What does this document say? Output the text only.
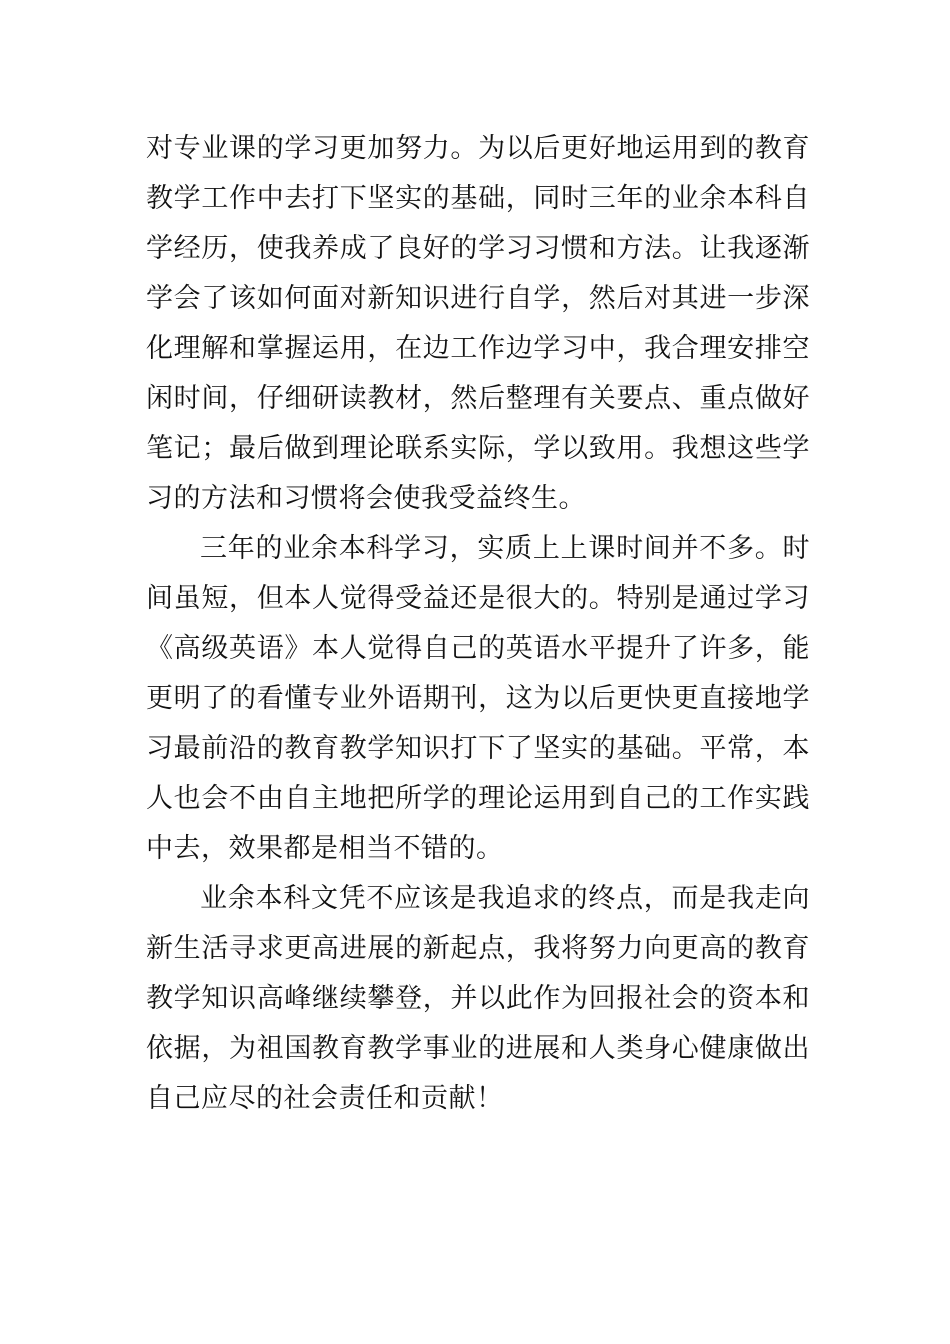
对专业课的学习更加努力。为以后更好地运用到的教育教学工作中去打下坚实的基础，同时三年的业余本科自学经历，使我养成了良好的学习习惯和方法。让我逐渐学会了该如何面对新知识进行自学，然后对其进一步深化理解和掌握运用，在边工作边学习中，我合理安排空闲时间，仔细研读教材，然后整理有关要点、重点做好笔记；最后做到理论联系实际，学以致用。我想这些学习的方法和习惯将会使我受益终生。

三年的业余本科学习，实质上上课时间并不多。时间虽短，但本人觉得受益还是很大的。特别是通过学习《高级英语》本人觉得自己的英语水平提升了许多，能更明了的看懂专业外语期刊，这为以后更快更直接地学习最前沿的教育教学知识打下了坚实的基础。平常，本人也会不由自主地把所学的理论运用到自己的工作实践中去，效果都是相当不错的。

业余本科文凭不应该是我追求的终点，而是我走向新生活寻求更高进展的新起点，我将努力向更高的教育教学知识高峰继续攀登，并以此作为回报社会的资本和依据，为祖国教育教学事业的进展和人类身心健康做出自己应尽的社会责任和贡献！
